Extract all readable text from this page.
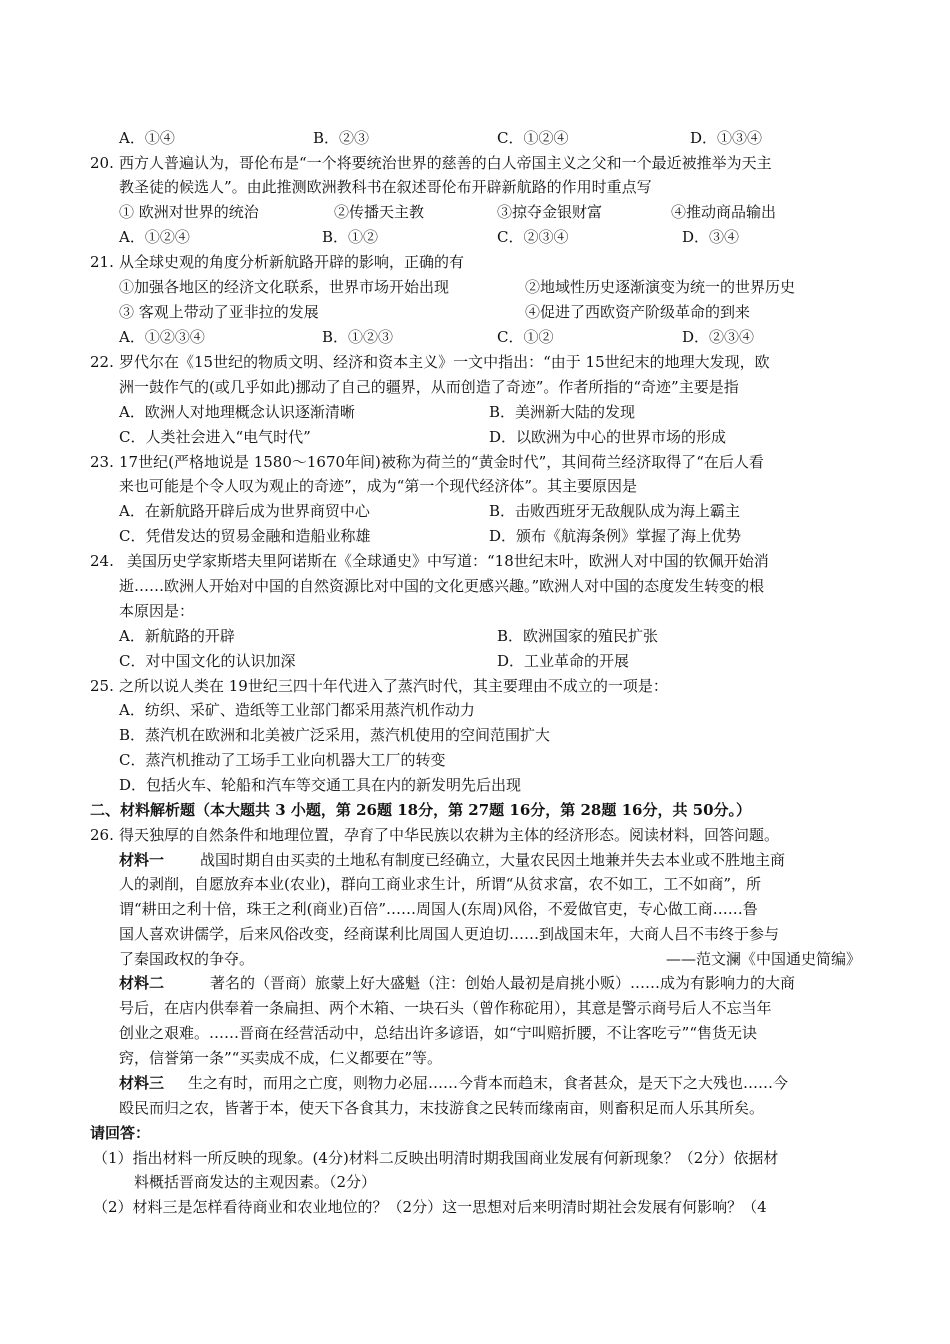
A．①④	B．②③	C．①②④	D．①③④
20. 西方人普遍认为，哥伦布是“一个将要统治世界的慈善的白人帝国主义之父和一个最近被推举为天主
教圣徒的候选人”。由此推测欧洲教科书在叙述哥伦布开辟新航路的作用时重点写
① 欧洲对世界的统治	②传播天主教	③掠夺金银财富	④推动商品输出
A．①②④	B．①②	C．②③④	D．③④
21. 从全球史观的角度分析新航路开辟的影响，正确的有
①加强各地区的经济文化联系，世界市场开始出现	②地域性历史逐渐演变为统一的世界历史
③ 客观上带动了亚非拉的发展	④促进了西欧资产阶级革命的到来
A．①②③④	B．①②③	C．①②	D．②③④
22. 罗代尔在《15世纪的物质文明、经济和资本主义》一文中指出：“由于 15世纪末的地理大发现，欧
洲一鼓作气的(或几乎如此)挪动了自己的疆界，从而创造了奇迹”。作者所指的“奇迹”主要是指
A．欧洲人对地理概念认识逐渐清晰	B．美洲新大陆的发现
C．人类社会进入“电气时代”	D．以欧洲为中心的世界市场的形成
23. 17世纪(严格地说是 1580～1670年间)被称为荷兰的“黄金时代”，其间荷兰经济取得了“在后人看
来也可能是个令人叹为观止的奇迹”，成为“第一个现代经济体”。其主要原因是
A．在新航路开辟后成为世界商贸中心	B．击败西班牙无敌舰队成为海上霸主
C．凭借发达的贸易金融和造船业称雄	D．颁布《航海条例》掌握了海上优势
24. 美国历史学家斯塔夫里阿诺斯在《全球通史》中写道：“18世纪末叶，欧洲人对中国的钦佩开始消
逝……欧洲人开始对中国的自然资源比对中国的文化更感兴趣。”欧洲人对中国的态度发生转变的根
本原因是：
A．新航路的开辟	B．欧洲国家的殖民扩张
C．对中国文化的认识加深	D．工业革命的开展
25. 之所以说人类在 19世纪三四十年代进入了蒸汽时代，其主要理由不成立的一项是：
A．纺织、采矿、造纸等工业部门都采用蒸汽机作动力
B．蒸汽机在欧洲和北美被广泛采用，蒸汽机使用的空间范围扩大
C．蒸汽机推动了工场手工业向机器大工厂的转变
D．包括火车、轮船和汽车等交通工具在内的新发明先后出现
二、材料解析题（本大题共 3 小题，第 26题 18分，第 27题 16分，第 28题 16分，共 50分。）
26. 得天独厚的自然条件和地理位置，孕育了中华民族以农耕为主体的经济形态。阅读材料，回答问题。
材料一 战国时期自由买卖的土地私有制度已经确立，大量农民因土地兼并失去本业或不胜地主商
人的剥削，自愿放弃本业(农业)，群向工商业求生计，所谓“从贫求富，农不如工，工不如商”，所
谓“耕田之利十倍，珠王之利(商业)百倍”……周国人(东周)风俗，不爱做官吏，专心做工商……鲁
国人喜欢讲儒学，后来风俗改变，经商谋利比周国人更迫切……到战国末年，大商人吕不韦终于参与
了秦国政权的争夺。	——范文澜《中国通史简编》
材料二	著名的（晋商）旅蒙上好大盛魁（注：创始人最初是肩挑小贩）……成为有影响力的大商
号后，在店内供奉着一条扁担、两个木箱、一块石头（曾作称砣用），其意是警示商号后人不忘当年
创业之艰难。……晋商在经营活动中，总结出许多谚语，如“宁叫赔折腰，不让客吃亏”“售货无诀
窍，信誉第一条”“买卖成不成，仁义都要在”等。
材料三 生之有时，而用之亡度，则物力必屈……今背本而趋末，食者甚众，是天下之大残也……今
殴民而归之农，皆著于本，使天下各食其力，末技游食之民转而缘南亩，则畜积足而人乐其所矣。
请回答：
（1）指出材料一所反映的现象。(4分)材料二反映出明清时期我国商业发展有何新现象？（2分）依据材
料概括晋商发达的主观因素。（2分）
（2）材料三是怎样看待商业和农业地位的？（2分）这一思想对后来明清时期社会发展有何影响？（4
